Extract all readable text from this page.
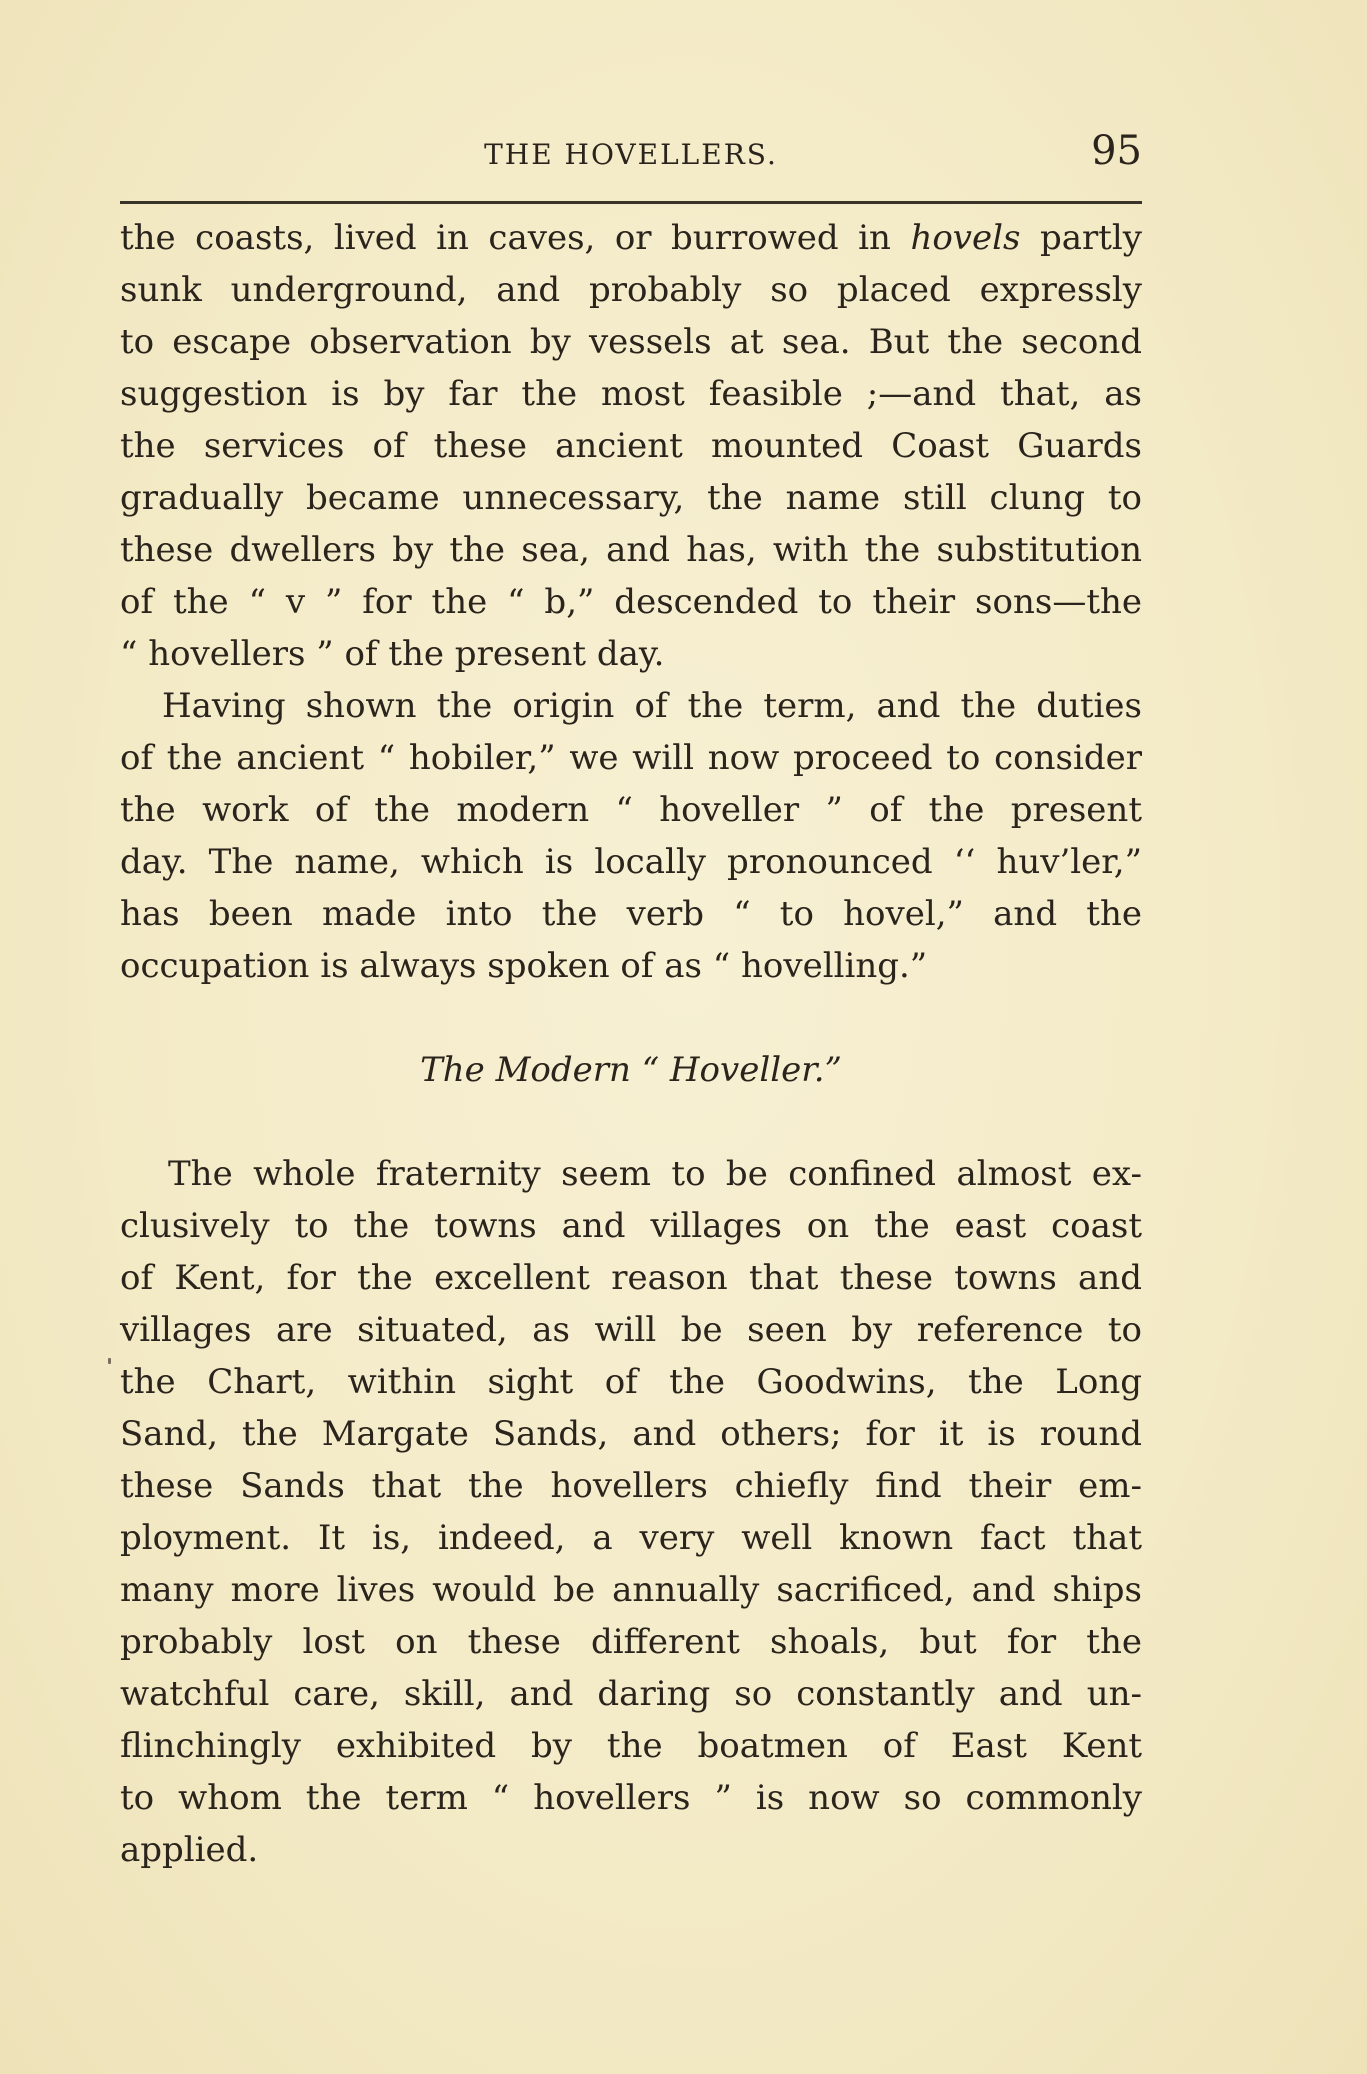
THE HOVELLERS.	95
the coasts, lived in caves, or burrowed in hovels partly
sunk underground, and probably so placed expressly
to escape observation by vessels at sea. But the second
suggestion is by far the most feasible ;—and that, as
the services of these ancient mounted Coast Guards
gradually became unnecessary, the name still clung to
these dwellers by the sea, and has, with the substitution
of the “ v ” for the “ b,” descended to their sons—the
“ hovellers ” of the present day.
Having shown the origin of the term, and the duties
of the ancient “ hobiler,” we will now proceed to consider
the work of the modern “ hoveller ” of the present
day. The name, which is locally pronounced ‘‘ huv’ler,”
has been made into the verb “ to hovel,” and the
occupation is always spoken of as “ hovelling.”
The Modern “ Hoveller.”
The whole fraternity seem to be confined almost ex-
clusively to the towns and villages on the east coast
of Kent, for the excellent reason that these towns and
villages are situated, as will be seen by reference to
the Chart, within sight of the Goodwins, the Long
Sand, the Margate Sands, and others; for it is round
these Sands that the hovellers chiefly find their em-
ployment. It is, indeed, a very well known fact that
many more lives would be annually sacrificed, and ships
probably lost on these different shoals, but for the
watchful care, skill, and daring so constantly and un-
flinchingly exhibited by the boatmen of East Kent
to whom the term “ hovellers ” is now so commonly
applied.
